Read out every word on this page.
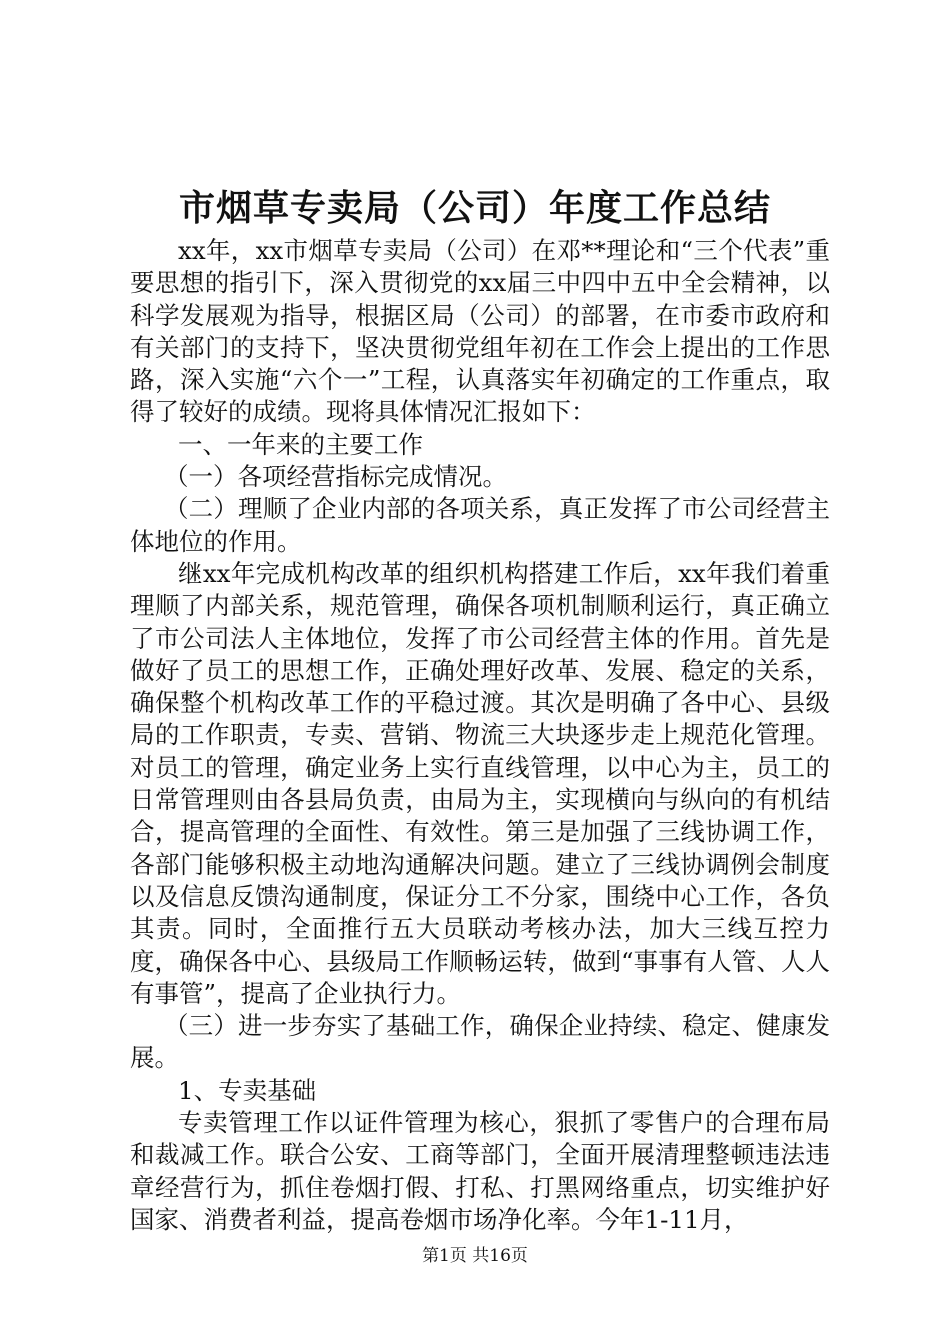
市烟草专卖局（公司）年度工作总结

xx年，xx市烟草专卖局（公司）在邓**理论和“三个代表”重要思想的指引下，深入贯彻党的xx届三中四中五中全会精神，以科学发展观为指导，根据区局（公司）的部署，在市委市政府和有关部门的支持下，坚决贯彻党组年初在工作会上提出的工作思路，深入实施“六个一”工程，认真落实年初确定的工作重点，取得了较好的成绩。现将具体情况汇报如下：

一、一年来的主要工作

（一）各项经营指标完成情况。

（二）理顺了企业内部的各项关系，真正发挥了市公司经营主体地位的作用。

继xx年完成机构改革的组织机构搭建工作后，xx年我们着重理顺了内部关系，规范管理，确保各项机制顺利运行，真正确立了市公司法人主体地位，发挥了市公司经营主体的作用。首先是做好了员工的思想工作，正确处理好改革、发展、稳定的关系，确保整个机构改革工作的平稳过渡。其次是明确了各中心、县级局的工作职责，专卖、营销、物流三大块逐步走上规范化管理。对员工的管理，确定业务上实行直线管理，以中心为主，员工的日常管理则由各县局负责，由局为主，实现横向与纵向的有机结合，提高管理的全面性、有效性。第三是加强了三线协调工作，各部门能够积极主动地沟通解决问题。建立了三线协调例会制度以及信息反馈沟通制度，保证分工不分家，围绕中心工作，各负其责。同时，全面推行五大员联动考核办法，加大三线互控力度，确保各中心、县级局工作顺畅运转，做到“事事有人管、人人有事管”，提高了企业执行力。

（三）进一步夯实了基础工作，确保企业持续、稳定、健康发展。

1、专卖基础

专卖管理工作以证件管理为核心，狠抓了零售户的合理布局和裁减工作。联合公安、工商等部门，全面开展清理整顿违法违章经营行为，抓住卷烟打假、打私、打黑网络重点，切实维护好国家、消费者利益，提高卷烟市场净化率。今年1-11月，

第1页 共16页
